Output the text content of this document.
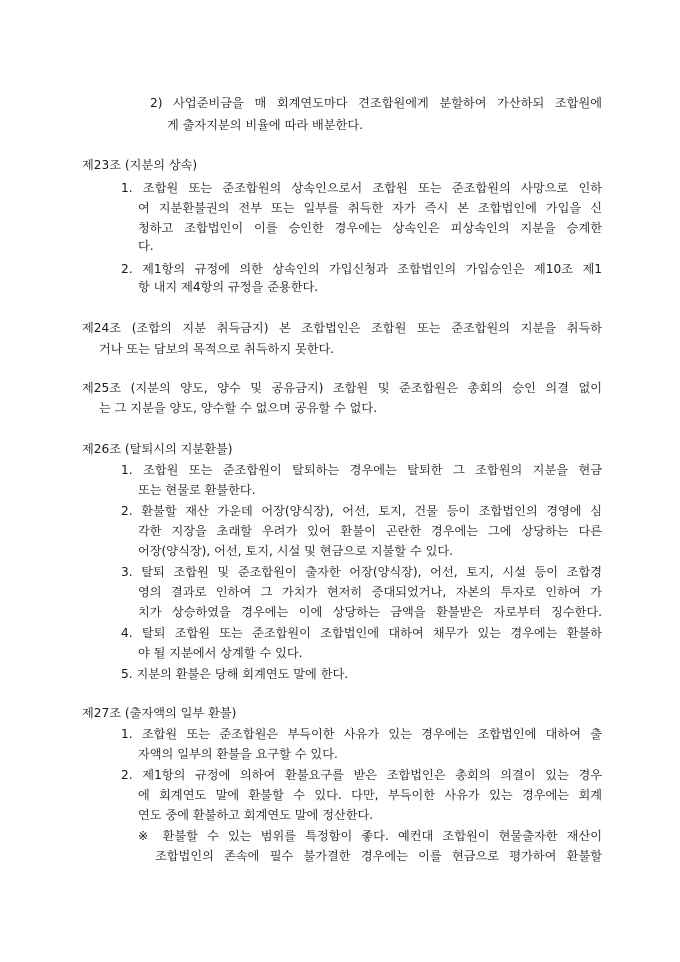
2) 사업준비금을 매 회계연도마다 견조합원에게 분할하여 가산하되 조합원에
게 출자지분의 비율에 따라 배분한다.
제23조 (지분의 상속)
1. 조합원 또는 준조합원의 상속인으로서 조합원 또는 준조합원의 사망으로 인하
여 지분환불권의 전부 또는 일부를 취득한 자가 즉시 본 조합법인에 가입을 신
청하고 조합법인이 이를 승인한 경우에는 상속인은 피상속인의 지분을 승계한
다.
2. 제1항의 규정에 의한 상속인의 가입신청과 조합법인의 가입승인은 제10조 제1
항 내지 제4항의 규정을 준용한다.
제24조 (조합의 지분 취득금지) 본 조합법인은 조합원 또는 준조합원의 지분을 취득하
거나 또는 담보의 목적으로 취득하지 못한다.
제25조 (지분의 양도, 양수 및 공유금지) 조합원 및 준조합원은 총회의 승인 의결 없이
는 그 지분을 양도, 양수할 수 없으며 공유할 수 없다.
제26조 (탈퇴시의 지분환불)
1. 조합원 또는 준조합원이 탈퇴하는 경우에는 탈퇴한 그 조합원의 지분을 현금
또는 현물로 환불한다.
2. 환불할 재산 가운데 어장(양식장), 어선, 토지, 건물 등이 조합법인의 경영에 심
각한 지장을 초래할 우려가 있어 환불이 곤란한 경우에는 그에 상당하는 다른
어장(양식장), 어선, 토지, 시설 및 현금으로 지불할 수 있다.
3. 탈퇴 조합원 및 준조합원이 출자한 어장(양식장), 어선, 토지, 시설 등이 조합경
영의 결과로 인하여 그 가치가 현저히 증대되었거나, 자본의 투자로 인하여 가
치가 상승하였을 경우에는 이에 상당하는 금액을 환불받은 자로부터 징수한다.
4. 탈퇴 조합원 또는 준조합원이 조합법인에 대하여 채무가 있는 경우에는 환불하
야 될 지분에서 상계할 수 있다.
5. 지분의 환불은 당해 회계연도 말에 한다.
제27조 (출자액의 일부 환불)
1. 조합원 또는 준조합원은 부득이한 사유가 있는 경우에는 조합법인에 대하여 출
자액의 일부의 환불을 요구할 수 있다.
2. 제1항의 규정에 의하여 환불요구를 받은 조합법인은 총회의 의결이 있는 경우
에 회계연도 말에 환불할 수 있다. 다만, 부득이한 사유가 있는 경우에는 회계
연도 중에 환불하고 회계연도 말에 정산한다.
※ 환불할 수 있는 범위를 특정함이 좋다. 예컨대 조합원이 현물출자한 재산이
조합법인의 존속에 필수 불가결한 경우에는 이를 현금으로 평가하여 환불할
